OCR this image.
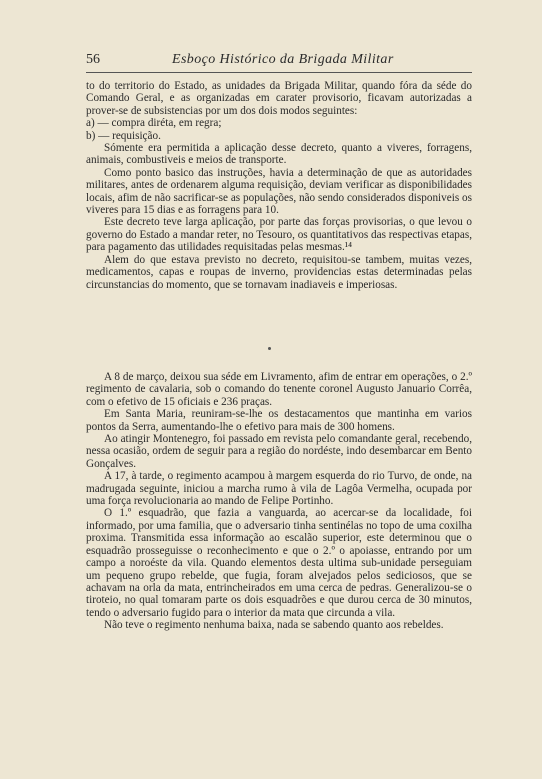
56	Esboço Histórico da Brigada Militar

to do territorio do Estado, as unidades da Brigada Militar, quando fóra da séde do Comando Geral, e as organizadas em carater provisorio, ficavam autorizadas a prover-se de subsistencias por um dos dois modos seguintes:

a) — compra diréta, em regra;

b) — requisição.

Sómente era permitida a aplicação desse decreto, quanto a viveres, forragens, animais, combustiveis e meios de transporte.

Como ponto basico das instruções, havia a determinação de que as autoridades militares, antes de ordenarem alguma requisição, deviam verificar as disponibilidades locais, afim de não sacrificar-se as populações, não sendo considerados disponiveis os viveres para 15 dias e as forragens para 10.

Este decreto teve larga aplicação, por parte das forças provisorias, o que levou o governo do Estado a mandar reter, no Tesouro, os quantitativos das respectivas etapas, para pagamento das utilidades requisitadas pelas mesmas.¹⁴

Alem do que estava previsto no decreto, requisitou-se tambem, muitas vezes, medicamentos, capas e roupas de inverno, providencias estas determinadas pelas circunstancias do momento, que se tornavam inadiaveis e imperiosas.

A 8 de março, deixou sua séde em Livramento, afim de entrar em operações, o 2.º regimento de cavalaria, sob o comando do tenente coronel Augusto Januario Corrêa, com o efetivo de 15 oficiais e 236 praças.

Em Santa Maria, reuniram-se-lhe os destacamentos que mantinha em varios pontos da Serra, aumentando-lhe o efetivo para mais de 300 homens.

Ao atingir Montenegro, foi passado em revista pelo comandante geral, recebendo, nessa ocasião, ordem de seguir para a região do nordéste, indo desembarcar em Bento Gonçalves.

A 17, à tarde, o regimento acampou à margem esquerda do rio Turvo, de onde, na madrugada seguinte, iniciou a marcha rumo à vila de Lagôa Vermelha, ocupada por uma força revolucionaria ao mando de Felipe Portinho.

O 1.º esquadrão, que fazia a vanguarda, ao acercar-se da localidade, foi informado, por uma familia, que o adversario tinha sentinélas no topo de uma coxilha proxima. Transmitida essa informação ao escalão superior, este determinou que o esquadrão prosseguisse o reconhecimento e que o 2.º o apoiasse, entrando por um campo a noroéste da vila. Quando elementos desta ultima sub-unidade perseguiam um pequeno grupo rebelde, que fugia, foram alvejados pelos sediciosos, que se achavam na orla da mata, entrincheirados em uma cerca de pedras. Generalizou-se o tiroteio, no qual tomaram parte os dois esquadrões e que durou cerca de 30 minutos, tendo o adversario fugido para o interior da mata que circunda a vila.

Não teve o regimento nenhuma baixa, nada se sabendo quanto aos rebeldes.
